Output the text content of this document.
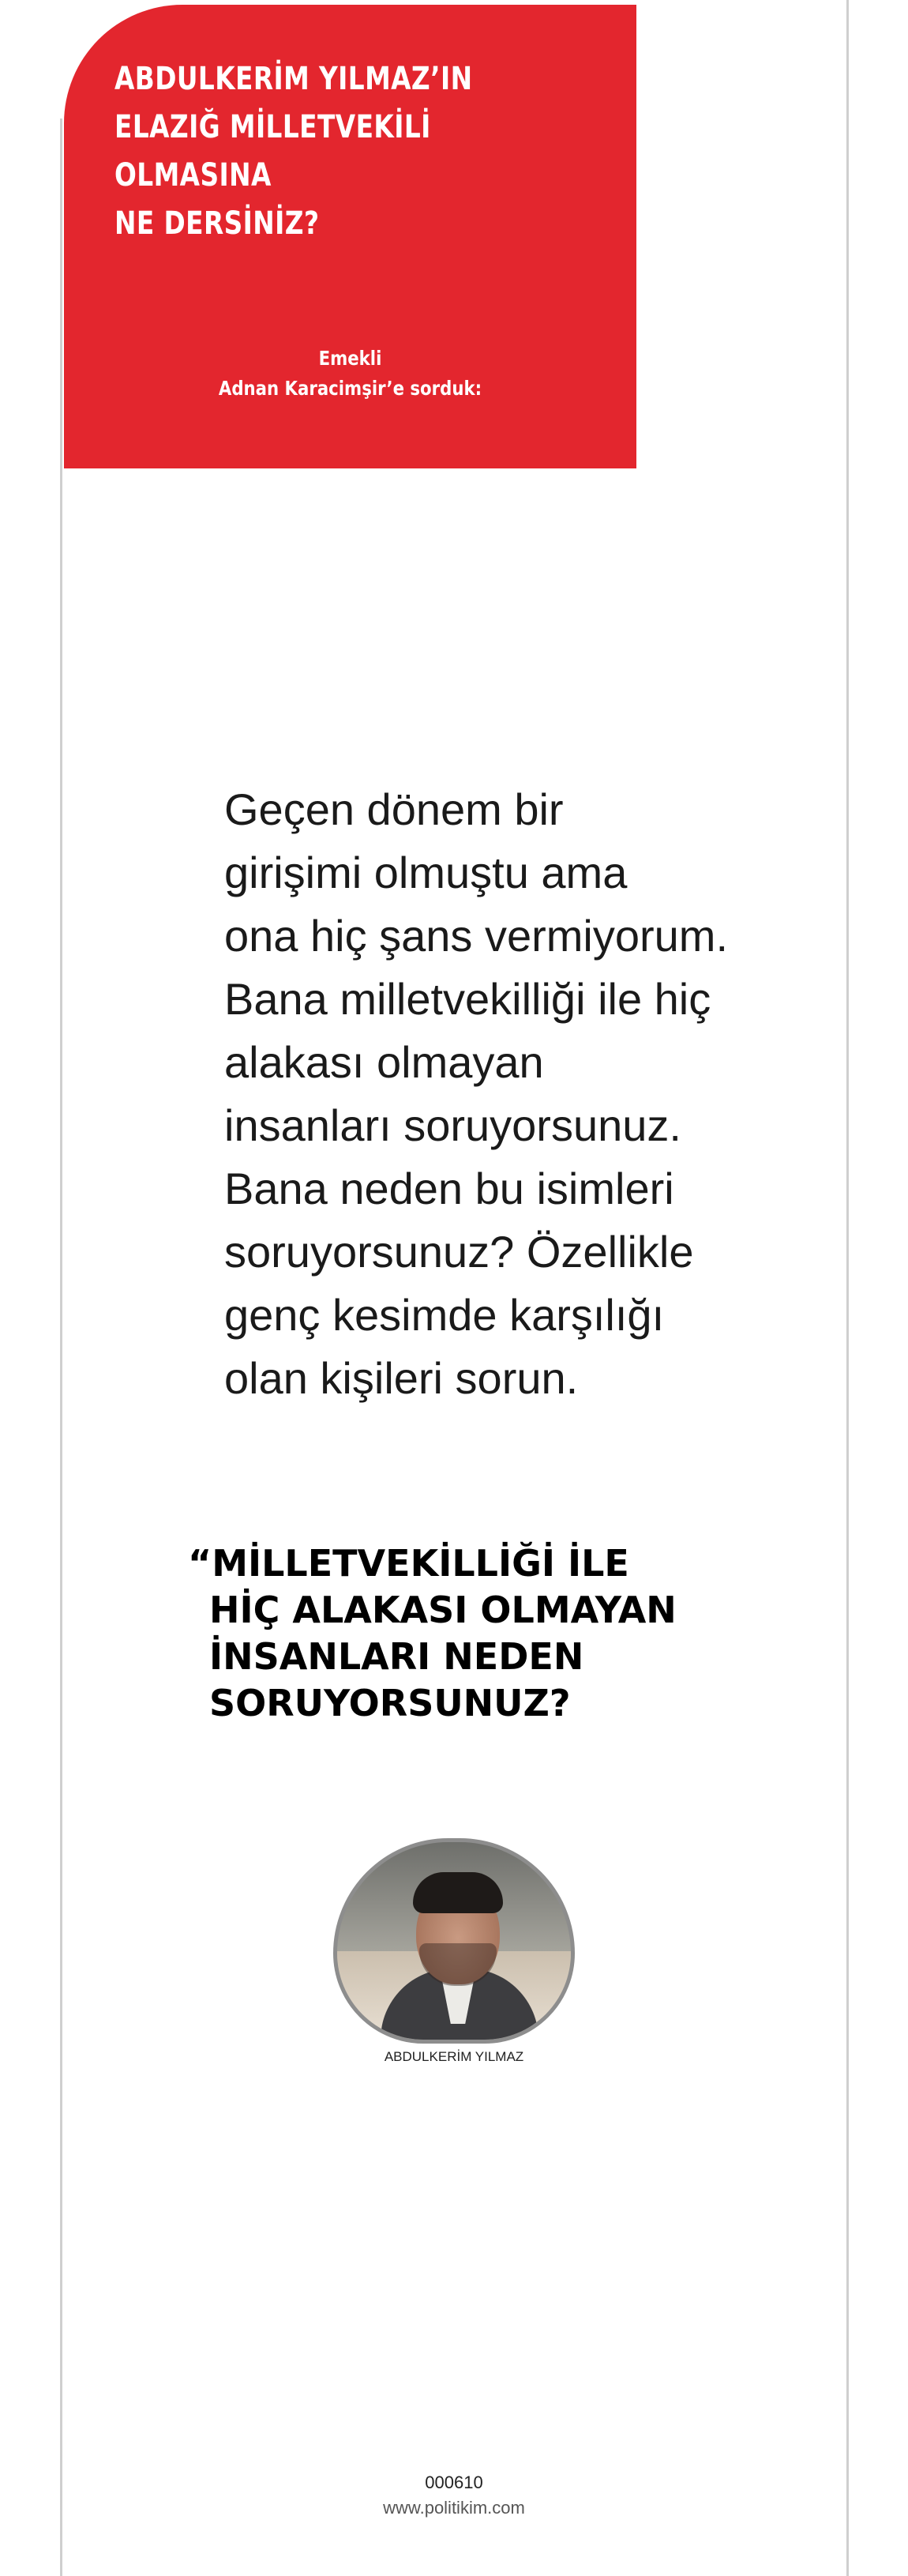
ABDULKERİM YILMAZ’IN
ELAZIĞ MİLLETVEKİLİ
OLMASINA
NE DERSİNİZ?
Emekli
Adnan Karacimşir’e sorduk:
Geçen dönem bir
girişimi olmuştu ama
ona hiç şans vermiyorum.
Bana milletvekilliği ile hiç
alakası olmayan
insanları soruyorsunuz.
Bana neden bu isimleri
soruyorsunuz? Özellikle
genç kesimde karşılığı
olan kişileri sorun.
“MİLLETVEKİLLİĞİ İLE
HİÇ ALAKASI OLMAYAN
İNSANLARI NEDEN
SORUYORSUNUZ?
ABDULKERİM YILMAZ
000610
www.politikim.com
